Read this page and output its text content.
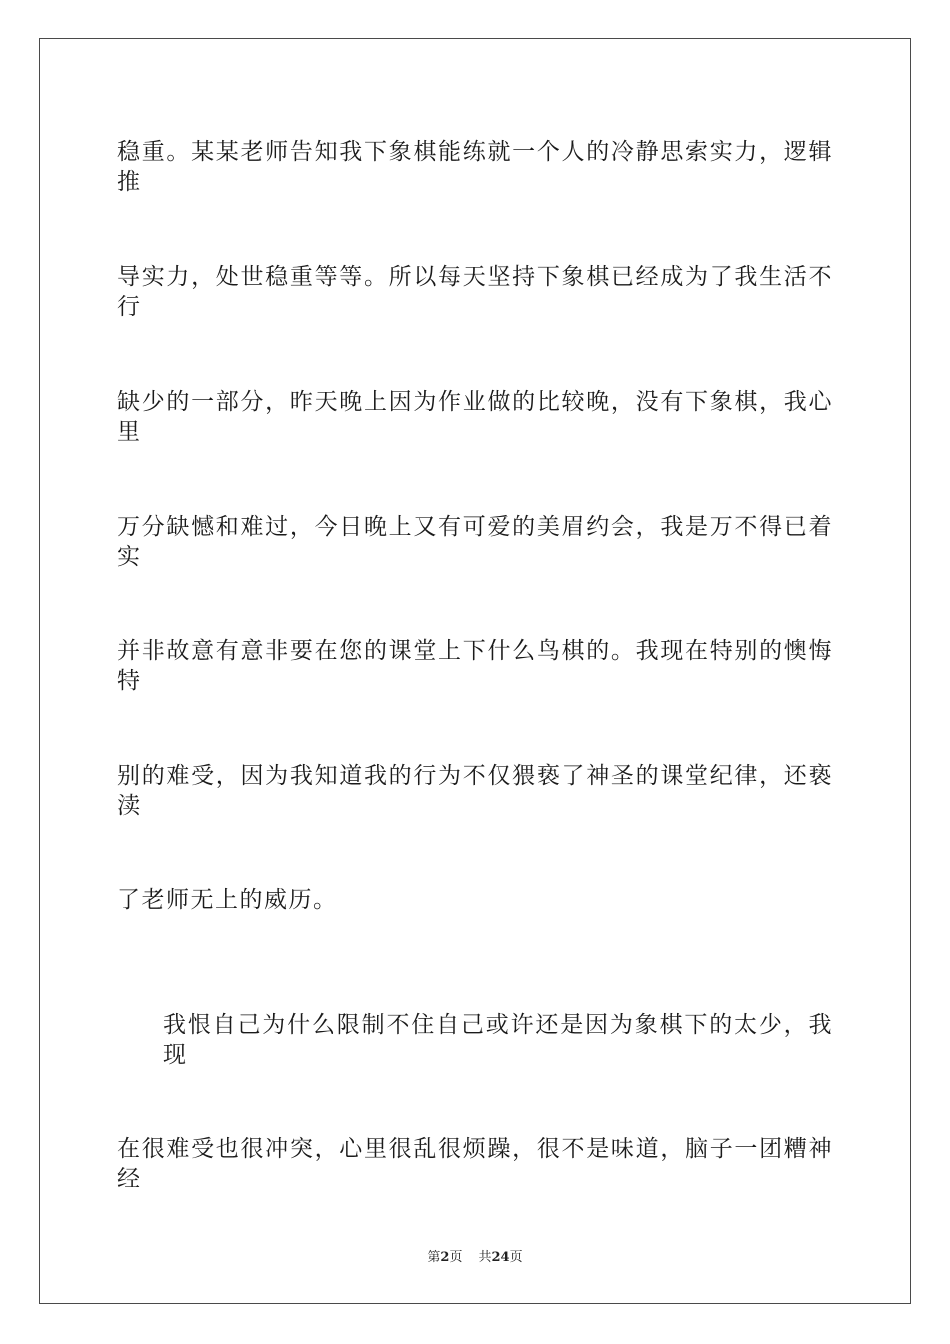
稳重。某某老师告知我下象棋能练就一个人的冷静思索实力，逻辑推
导实力，处世稳重等等。所以每天坚持下象棋已经成为了我生活不行
缺少的一部分，昨天晚上因为作业做的比较晚，没有下象棋，我心里
万分缺憾和难过，今日晚上又有可爱的美眉约会，我是万不得已着实
并非故意有意非要在您的课堂上下什么鸟棋的。我现在特别的懊悔特
别的难受，因为我知道我的行为不仅猥亵了神圣的课堂纪律，还亵渎
了老师无上的威历。
我恨自己为什么限制不住自己或许还是因为象棋下的太少，我现
在很难受也很冲突，心里很乱很烦躁，很不是味道，脑子一团糟神经
第2页 共24页
